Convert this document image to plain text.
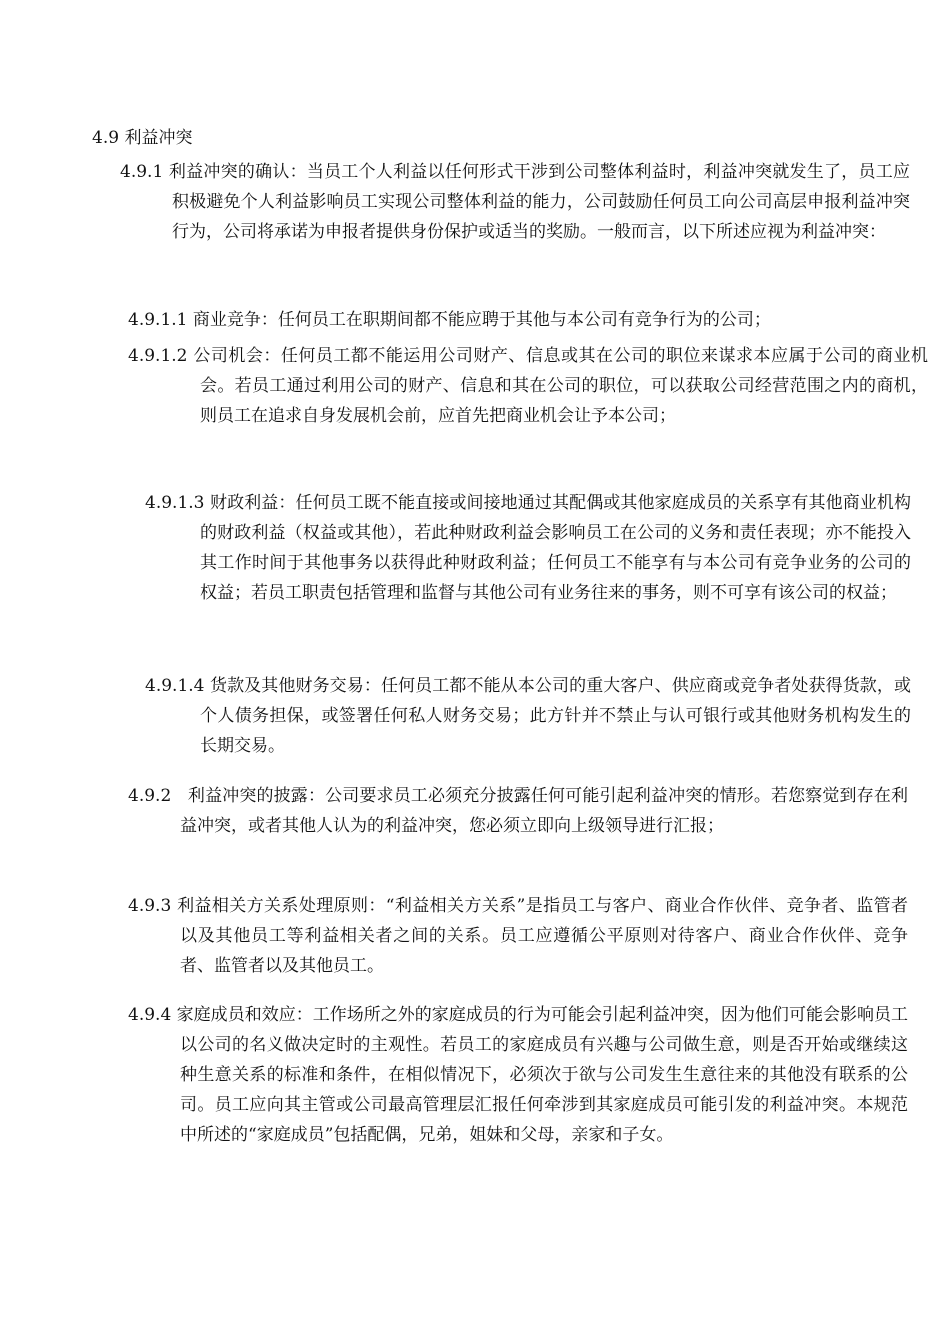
4.9 利益冲突
4.9.1 利益冲突的确认：当员工个人利益以任何形式干涉到公司整体利益时，利益冲突就发生了，员工应积极避免个人利益影响员工实现公司整体利益的能力，公司鼓励任何员工向公司高层申报利益冲突行为，公司将承诺为申报者提供身份保护或适当的奖励。一般而言，以下所述应视为利益冲突：
4.9.1.1 商业竞争：任何员工在职期间都不能应聘于其他与本公司有竞争行为的公司；
4.9.1.2 公司机会：任何员工都不能运用公司财产、信息或其在公司的职位来谋求本应属于公司的商业机会。若员工通过利用公司的财产、信息和其在公司的职位，可以获取公司经营范围之内的商机，则员工在追求自身发展机会前，应首先把商业机会让予本公司；
4.9.1.3 财政利益：任何员工既不能直接或间接地通过其配偶或其他家庭成员的关系享有其他商业机构的财政利益（权益或其他），若此种财政利益会影响员工在公司的义务和责任表现；亦不能投入其工作时间于其他事务以获得此种财政利益；任何员工不能享有与本公司有竞争业务的公司的权益；若员工职责包括管理和监督与其他公司有业务往来的事务，则不可享有该公司的权益；
4.9.1.4 货款及其他财务交易：任何员工都不能从本公司的重大客户、供应商或竞争者处获得货款，或个人债务担保，或签署任何私人财务交易；此方针并不禁止与认可银行或其他财务机构发生的长期交易。
4.9.2   利益冲突的披露：公司要求员工必须充分披露任何可能引起利益冲突的情形。若您察觉到存在利益冲突，或者其他人认为的利益冲突，您必须立即向上级领导进行汇报；
4.9.3 利益相关方关系处理原则：“利益相关方关系”是指员工与客户、商业合作伙伴、竞争者、监管者以及其他员工等利益相关者之间的关系。员工应遵循公平原则对待客户、商业合作伙伴、竞争者、监管者以及其他员工。
4.9.4 家庭成员和效应：工作场所之外的家庭成员的行为可能会引起利益冲突，因为他们可能会影响员工以公司的名义做决定时的主观性。若员工的家庭成员有兴趣与公司做生意，则是否开始或继续这种生意关系的标准和条件，在相似情况下，必须次于欲与公司发生生意往来的其他没有联系的公司。员工应向其主管或公司最高管理层汇报任何牵涉到其家庭成员可能引发的利益冲突。本规范中所述的“家庭成员”包括配偶，兄弟，姐妹和父母，亲家和子女。
